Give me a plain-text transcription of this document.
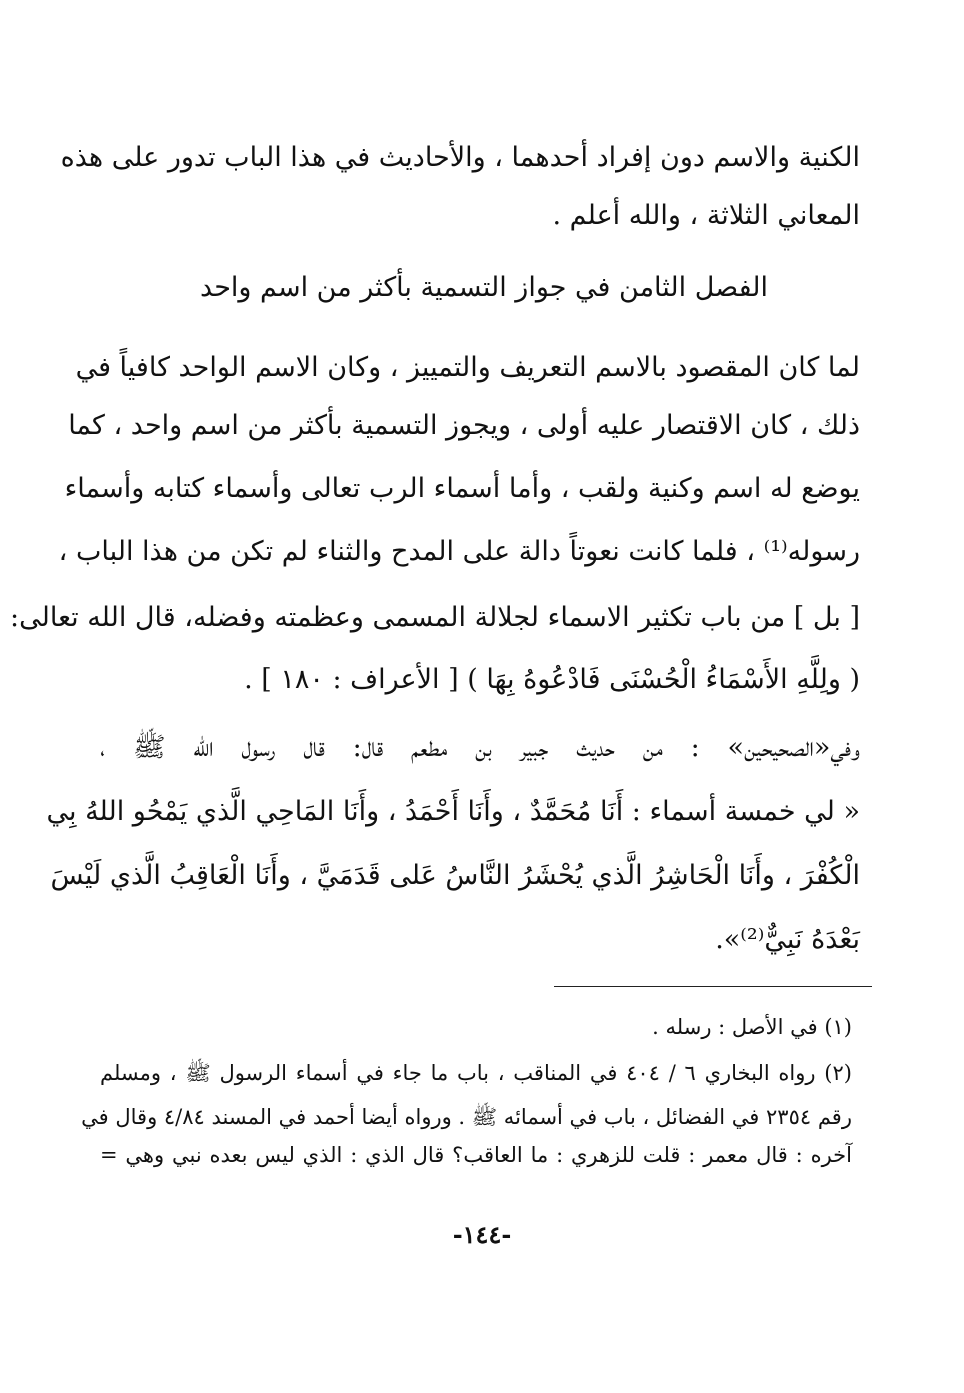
الكنية والاسم دون إفراد أحدهما ، والأحاديث في هذا الباب تدور على هذه
المعاني الثلاثة ، والله أعلم .
الفصل الثامن في جواز التسمية بأكثر من اسم واحد
لما كان المقصود بالاسم التعريف والتمييز ، وكان الاسم الواحد كافياً في
ذلك ، كان الاقتصار عليه أولى ، ويجوز التسمية بأكثر من اسم واحد ، كما
يوضع له اسم وكنية ولقب ، وأما أسماء الرب تعالى وأسماء كتابه وأسماء
رسوله⁽¹⁾ ، فلما كانت نعوتاً دالة على المدح والثناء لم تكن من هذا الباب ،
[ بل ] من باب تكثير الاسماء لجلالة المسمى وعظمته وفضله، قال الله تعالى:
( ولِلَّهِ الأَسْمَاءُ الْحُسْنَى فَادْعُوهُ بِهَا ) [ الأعراف : ١٨٠ ] .
وفي«الصحيحين» : من حديث جبير بن مطعم قال: قال رسول الله ﷺ ،
« لي خمسة أسماء : أَنَا مُحَمَّدٌ ، وأَنَا أَحْمَدُ ، وأَنَا المَاحِي الَّذي يَمْحُو اللهُ بِي
الْكُفْرَ ، وأَنَا الْحَاشِرُ الَّذي يُحْشَرُ النَّاسُ عَلى قَدَمَيَّ ، وأَنَا الْعَاقِبُ الَّذي لَيْسَ
بَعْدَهُ نَبِيٌّ⁽²⁾».
(١) في الأصل : رسله .
(٢) رواه البخاري ٦ / ٤٠٤ في المناقب ، باب ما جاء في أسماء الرسول ﷺ ، ومسلم
رقم ٢٣٥٤ في الفضائل ، باب في أسمائه ﷺ . ورواه أيضا أحمد في المسند ٤/٨٤ وقال في
آخره : قال معمر : قلت للزهري : ما العاقب؟ قال الذي : الذي ليس بعده نبي وهي =
-١٤٤-
